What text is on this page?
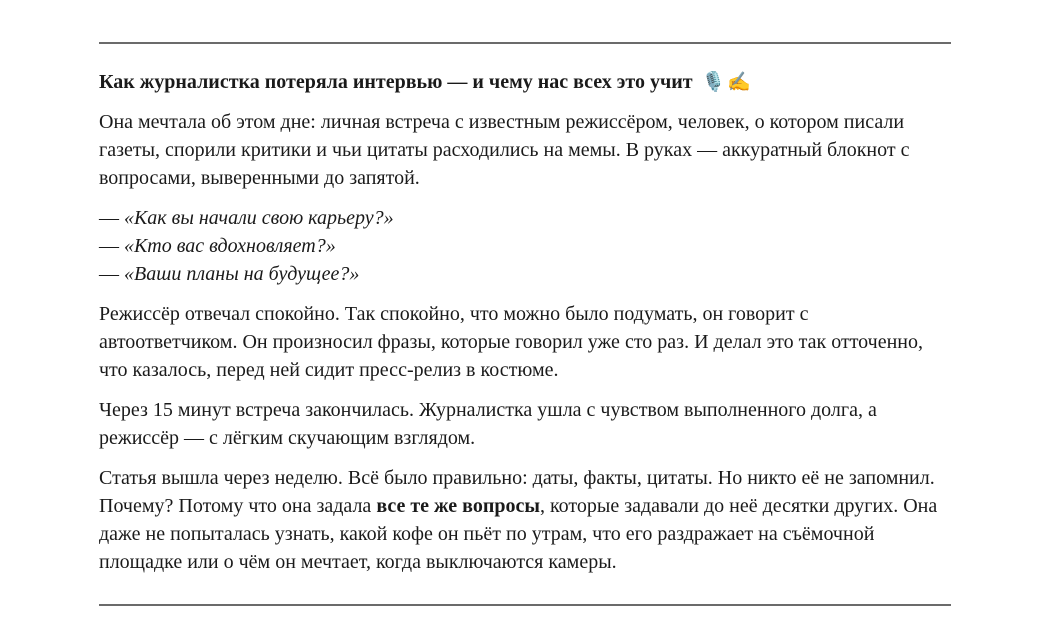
Как журналистка потеряла интервью — и чему нас всех это учит 🎙️ ✍️

Она мечтала об этом дне: личная встреча с известным режиссёром, человек, о котором писали газеты, спорили критики и чьи цитаты расходились на мемы. В руках — аккуратный блокнот с вопросами, выверенными до запятой.

— «Как вы начали свою карьеру?»
— «Кто вас вдохновляет?»
— «Ваши планы на будущее?»

Режиссёр отвечал спокойно. Так спокойно, что можно было подумать, он говорит с автоответчиком. Он произносил фразы, которые говорил уже сто раз. И делал это так отточенно, что казалось, перед ней сидит пресс-релиз в костюме.

Через 15 минут встреча закончилась. Журналистка ушла с чувством выполненного долга, а режиссёр — с лёгким скучающим взглядом.

Статья вышла через неделю. Всё было правильно: даты, факты, цитаты. Но никто её не запомнил. Почему? Потому что она задала все те же вопросы, которые задавали до неё десятки других. Она даже не попыталась узнать, какой кофе он пьёт по утрам, что его раздражает на съёмочной площадке или о чём он мечтает, когда выключаются камеры.
